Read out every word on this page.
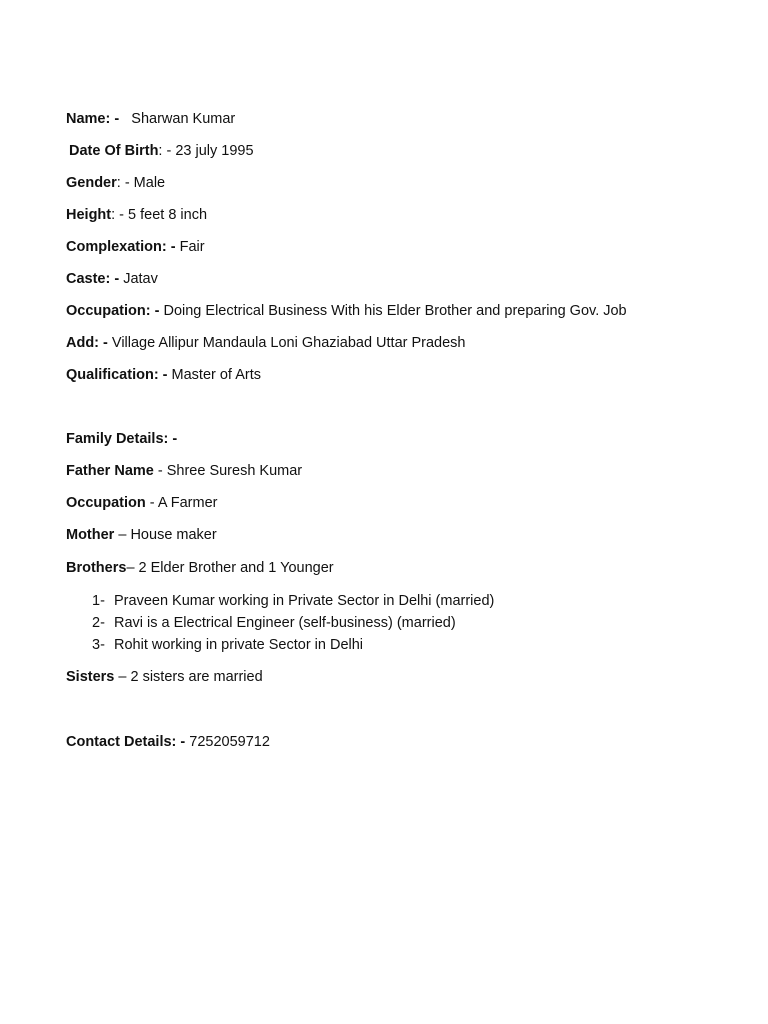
Name: - Sharwan Kumar
Date Of Birth: - 23 july 1995
Gender: - Male
Height: - 5 feet 8 inch
Complexation: - Fair
Caste: - Jatav
Occupation: - Doing Electrical Business With his Elder Brother and preparing Gov. Job
Add: - Village Allipur Mandaula Loni Ghaziabad Uttar Pradesh
Qualification: - Master of Arts
Family Details: -
Father Name - Shree Suresh Kumar
Occupation - A Farmer
Mother – House maker
Brothers– 2 Elder Brother and 1 Younger
1- Praveen Kumar working in Private Sector in Delhi (married)
2- Ravi is a Electrical Engineer (self-business) (married)
3- Rohit working in private Sector in Delhi
Sisters – 2 sisters are married
Contact Details: - 7252059712
